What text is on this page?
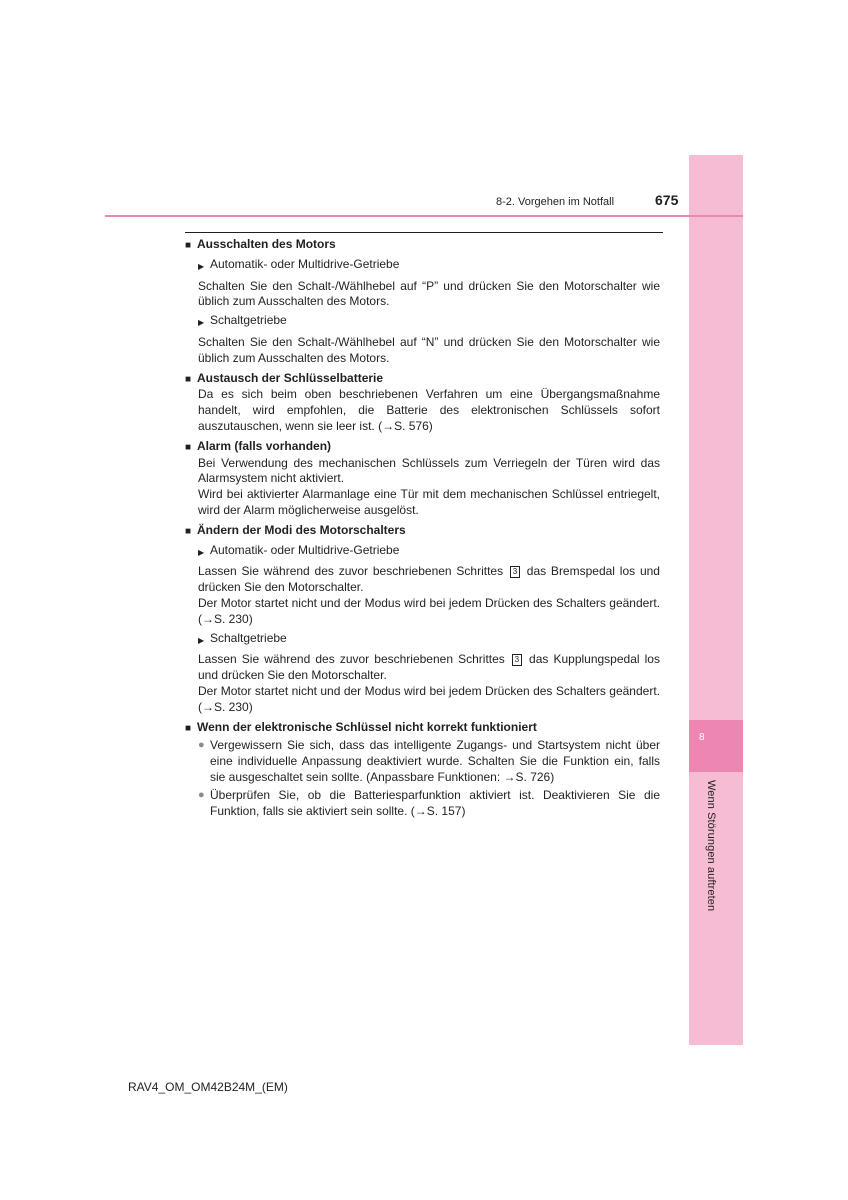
8
Wenn Störungen auftreten
8-2. Vorgehen im Notfall	675
■ Ausschalten des Motors
▶ Automatik- oder Multidrive-Getriebe
Schalten Sie den Schalt-/Wählhebel auf “P” und drücken Sie den Motorschalter wie üblich zum Ausschalten des Motors.
▶ Schaltgetriebe
Schalten Sie den Schalt-/Wählhebel auf “N” und drücken Sie den Motorschalter wie üblich zum Ausschalten des Motors.
■ Austausch der Schlüsselbatterie
Da es sich beim oben beschriebenen Verfahren um eine Übergangsmaßnahme handelt, wird empfohlen, die Batterie des elektronischen Schlüssels sofort auszutauschen, wenn sie leer ist. (→S. 576)
■ Alarm (falls vorhanden)
Bei Verwendung des mechanischen Schlüssels zum Verriegeln der Türen wird das Alarmsystem nicht aktiviert.
Wird bei aktivierter Alarmanlage eine Tür mit dem mechanischen Schlüssel entriegelt, wird der Alarm möglicherweise ausgelöst.
■ Ändern der Modi des Motorschalters
▶ Automatik- oder Multidrive-Getriebe
Lassen Sie während des zuvor beschriebenen Schrittes 3 das Bremspedal los und drücken Sie den Motorschalter.
Der Motor startet nicht und der Modus wird bei jedem Drücken des Schalters geändert. (→S. 230)
▶ Schaltgetriebe
Lassen Sie während des zuvor beschriebenen Schrittes 3 das Kupplungspedal los und drücken Sie den Motorschalter.
Der Motor startet nicht und der Modus wird bei jedem Drücken des Schalters geändert. (→S. 230)
■ Wenn der elektronische Schlüssel nicht korrekt funktioniert
● Vergewissern Sie sich, dass das intelligente Zugangs- und Startsystem nicht über eine individuelle Anpassung deaktiviert wurde. Schalten Sie die Funktion ein, falls sie ausgeschaltet sein sollte. (Anpassbare Funktionen: →S. 726)
● Überprüfen Sie, ob die Batteriesparfunktion aktiviert ist. Deaktivieren Sie die Funktion, falls sie aktiviert sein sollte. (→S. 157)
RAV4_OM_OM42B24M_(EM)
